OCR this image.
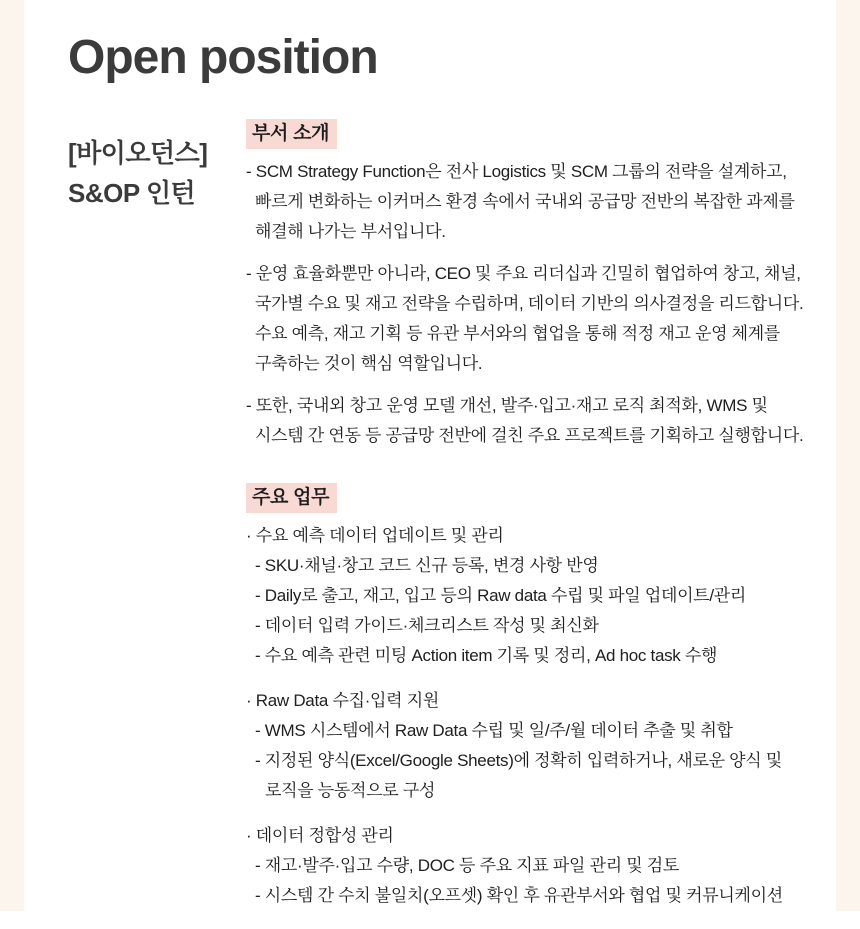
Open position
[바이오던스]
S&OP 인턴
부서 소개
- SCM Strategy Function은 전사 Logistics 및 SCM 그룹의 전략을 설계하고,
빠르게 변화하는 이커머스 환경 속에서 국내외 공급망 전반의 복잡한 과제를
해결해 나가는 부서입니다.
- 운영 효율화뿐만 아니라, CEO 및 주요 리더십과 긴밀히 협업하여 창고, 채널,
국가별 수요 및 재고 전략을 수립하며, 데이터 기반의 의사결정을 리드합니다.
수요 예측, 재고 기획 등 유관 부서와의 협업을 통해 적정 재고 운영 체계를
구축하는 것이 핵심 역할입니다.
- 또한, 국내외 창고 운영 모델 개선, 발주·입고·재고 로직 최적화, WMS 및
시스템 간 연동 등 공급망 전반에 걸친 주요 프로젝트를 기획하고 실행합니다.
주요 업무
· 수요 예측 데이터 업데이트 및 관리
- SKU·채널·창고 코드 신규 등록, 변경 사항 반영
- Daily로 출고, 재고, 입고 등의 Raw data 수립 및 파일 업데이트/관리
- 데이터 입력 가이드·체크리스트 작성 및 최신화
- 수요 예측 관련 미팅 Action item 기록 및 정리, Ad hoc task 수행
· Raw Data 수집·입력 지원
- WMS 시스템에서 Raw Data 수립 및 일/주/월 데이터 추출 및 취합
- 지정된 양식(Excel/Google Sheets)에 정확히 입력하거나, 새로운 양식 및
로직을 능동적으로 구성
· 데이터 정합성 관리
- 재고·발주·입고 수량, DOC 등 주요 지표 파일 관리 및 검토
- 시스템 간 수치 불일치(오프셋) 확인 후 유관부서와 협업 및 커뮤니케이션
